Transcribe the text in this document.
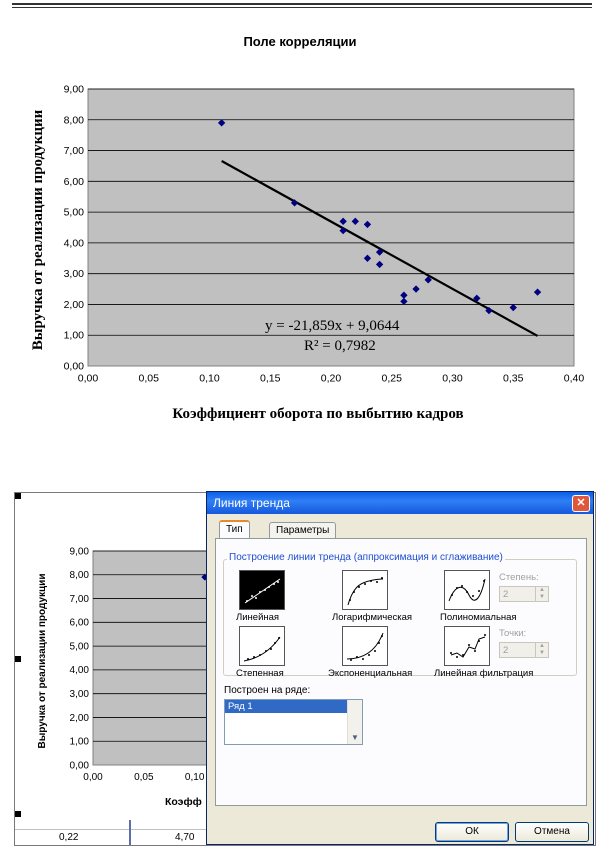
Поле корреляции
0,00
1,00
2,00
3,00
4,00
5,00
6,00
7,00
8,00
9,00
0,00	0,05	0,10	0,15	0,20	0,25	0,30	0,35	0,40
y = -21,859x + 9,0644
R² = 0,7982
Коэффициент оборота по выбытию кадров
Выручка от реализации продукции
0,00
1,00
2,00
3,00
4,00
5,00
6,00
7,00
8,00
9,00
0,00	0,05	0,10
Коэфф
Выручка от реализации продукции
0,22	4,70
Линия тренда	✕
Тип	Параметры
Построение линии тренда (аппроксимация и сглаживание)
Линейная	Логарифмическая	Полиномиальная
Степень:
2	▲
▼
Степенная	Экспоненциальная Линейная фильтрация
Точки:
2	▲
▼
Построен на ряде:
Ряд 1
▼
ОК	Отмена
